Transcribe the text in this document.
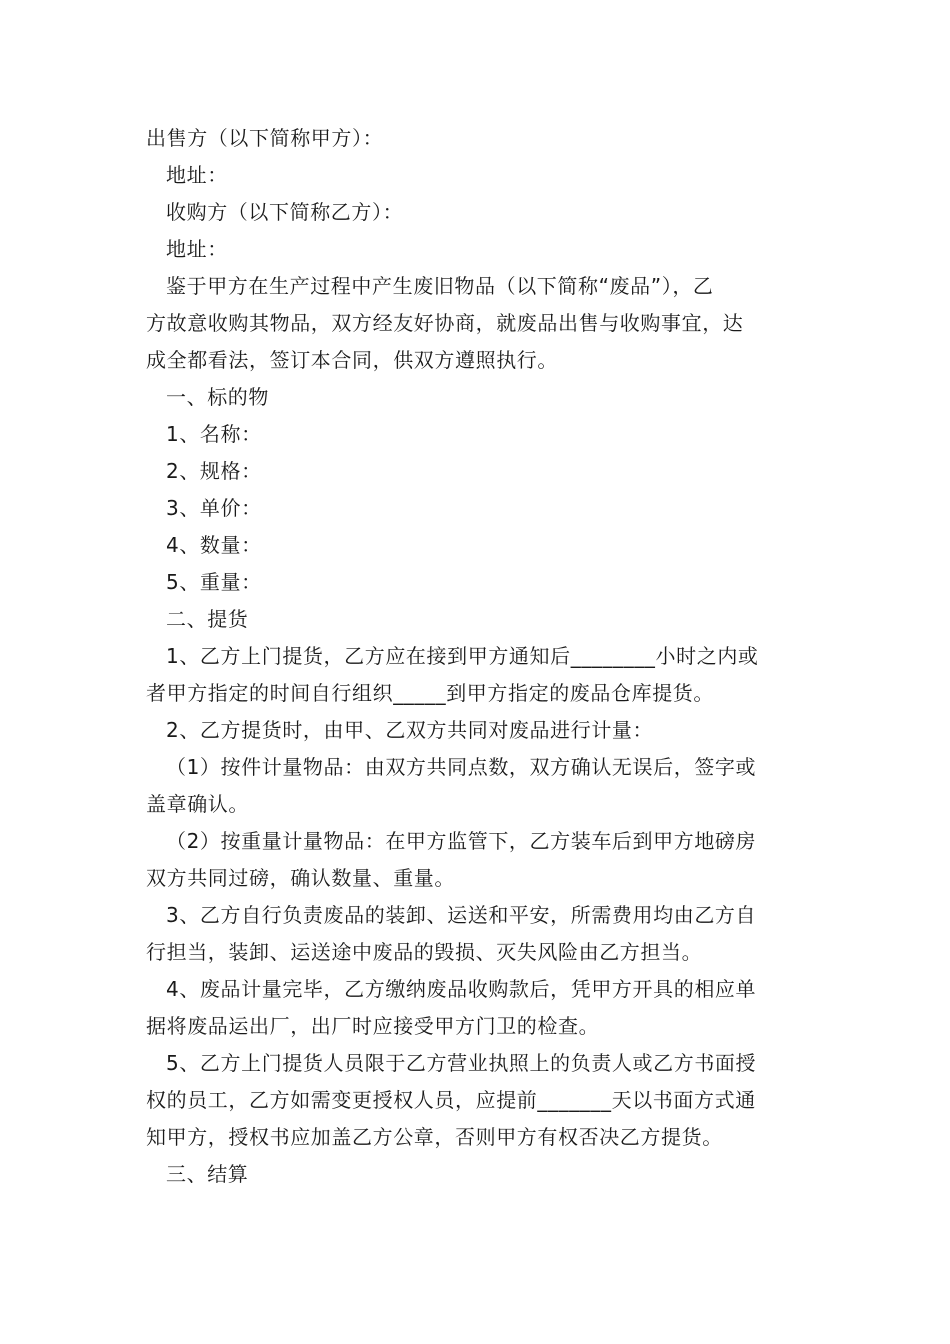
出售方（以下简称甲方）：
地址：
收购方（以下简称乙方）：
地址：
鉴于甲方在生产过程中产生废旧物品（以下简称“废品”），乙
方故意收购其物品，双方经友好协商，就废品出售与收购事宜，达
成全都看法，签订本合同，供双方遵照执行。
一、标的物
1、名称：
2、规格：
3、单价：
4、数量：
5、重量：
二、提货
1、乙方上门提货，乙方应在接到甲方通知后________小时之内或
者甲方指定的时间自行组织_____到甲方指定的废品仓库提货。
2、乙方提货时，由甲、乙双方共同对废品进行计量：
（1）按件计量物品：由双方共同点数，双方确认无误后，签字或
盖章确认。
（2）按重量计量物品：在甲方监管下，乙方装车后到甲方地磅房
双方共同过磅，确认数量、重量。
3、乙方自行负责废品的装卸、运送和平安，所需费用均由乙方自
行担当，装卸、运送途中废品的毁损、灭失风险由乙方担当。
4、废品计量完毕，乙方缴纳废品收购款后，凭甲方开具的相应单
据将废品运出厂，出厂时应接受甲方门卫的检查。
5、乙方上门提货人员限于乙方营业执照上的负责人或乙方书面授
权的员工，乙方如需变更授权人员，应提前_______天以书面方式通
知甲方，授权书应加盖乙方公章，否则甲方有权否决乙方提货。
三、结算
